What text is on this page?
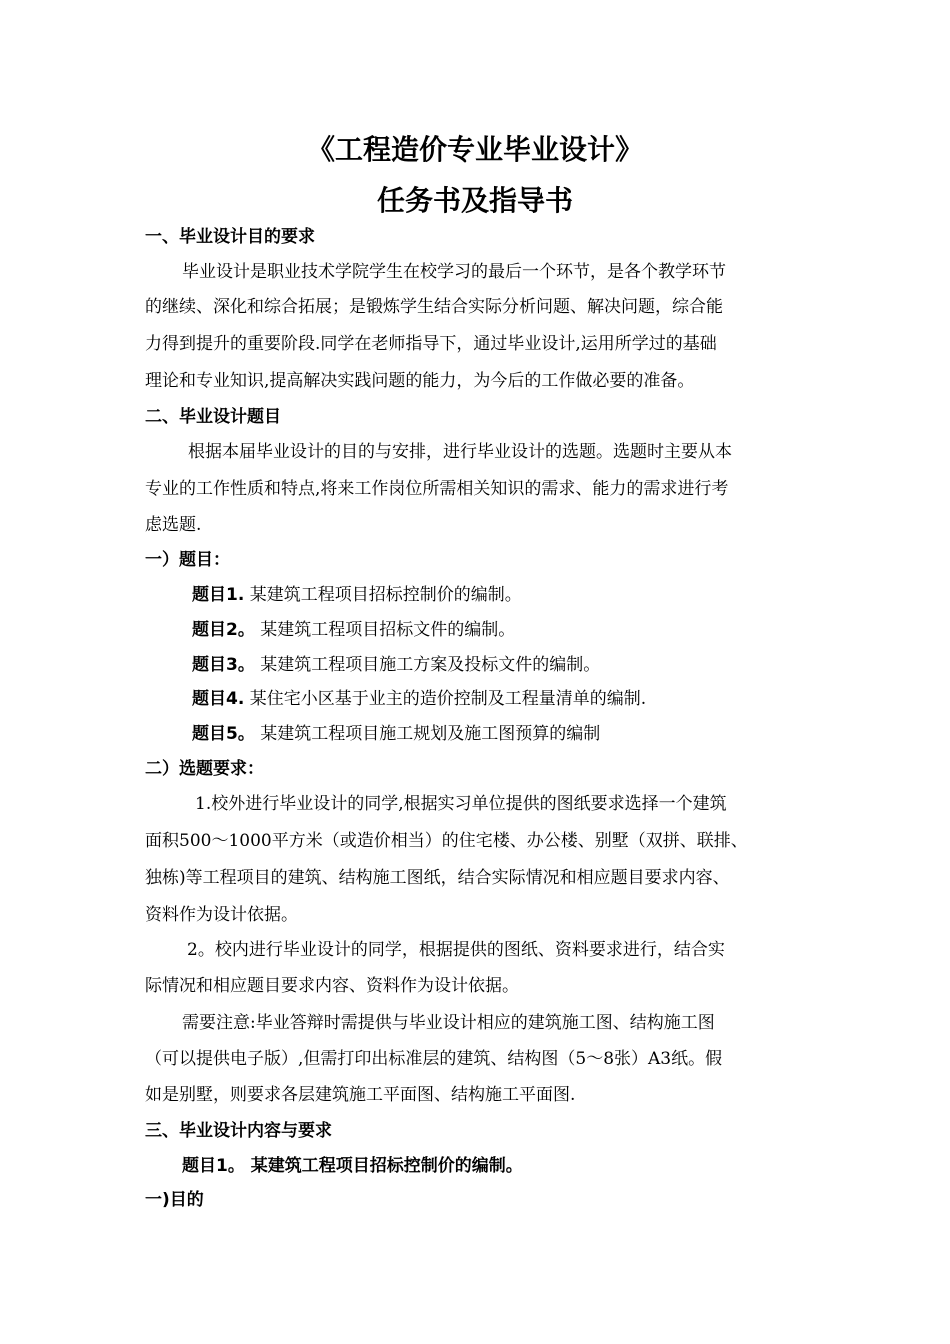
《工程造价专业毕业设计》
任务书及指导书
一、毕业设计目的要求
毕业设计是职业技术学院学生在校学习的最后一个环节，是各个教学环节
的继续、深化和综合拓展；是锻炼学生结合实际分析问题、解决问题，综合能
力得到提升的重要阶段.同学在老师指导下，通过毕业设计,运用所学过的基础
理论和专业知识,提高解决实践问题的能力，为今后的工作做必要的准备。
二、毕业设计题目
根据本届毕业设计的目的与安排，进行毕业设计的选题。选题时主要从本
专业的工作性质和特点,将来工作岗位所需相关知识的需求、能力的需求进行考
虑选题.
一）题目：
题目1. 某建筑工程项目招标控制价的编制。
题目2。 某建筑工程项目招标文件的编制。
题目3。 某建筑工程项目施工方案及投标文件的编制。
题目4. 某住宅小区基于业主的造价控制及工程量清单的编制.
题目5。 某建筑工程项目施工规划及施工图预算的编制
二）选题要求：
1.校外进行毕业设计的同学,根据实习单位提供的图纸要求选择一个建筑
面积500～1000平方米（或造价相当）的住宅楼、办公楼、别墅（双拼、联排、
独栋)等工程项目的建筑、结构施工图纸，结合实际情况和相应题目要求内容、
资料作为设计依据。
2。校内进行毕业设计的同学，根据提供的图纸、资料要求进行，结合实
际情况和相应题目要求内容、资料作为设计依据。
需要注意:毕业答辩时需提供与毕业设计相应的建筑施工图、结构施工图
（可以提供电子版）,但需打印出标准层的建筑、结构图（5～8张）A3纸。假
如是别墅，则要求各层建筑施工平面图、结构施工平面图.
三、毕业设计内容与要求
题目1。 某建筑工程项目招标控制价的编制。
一)目的
